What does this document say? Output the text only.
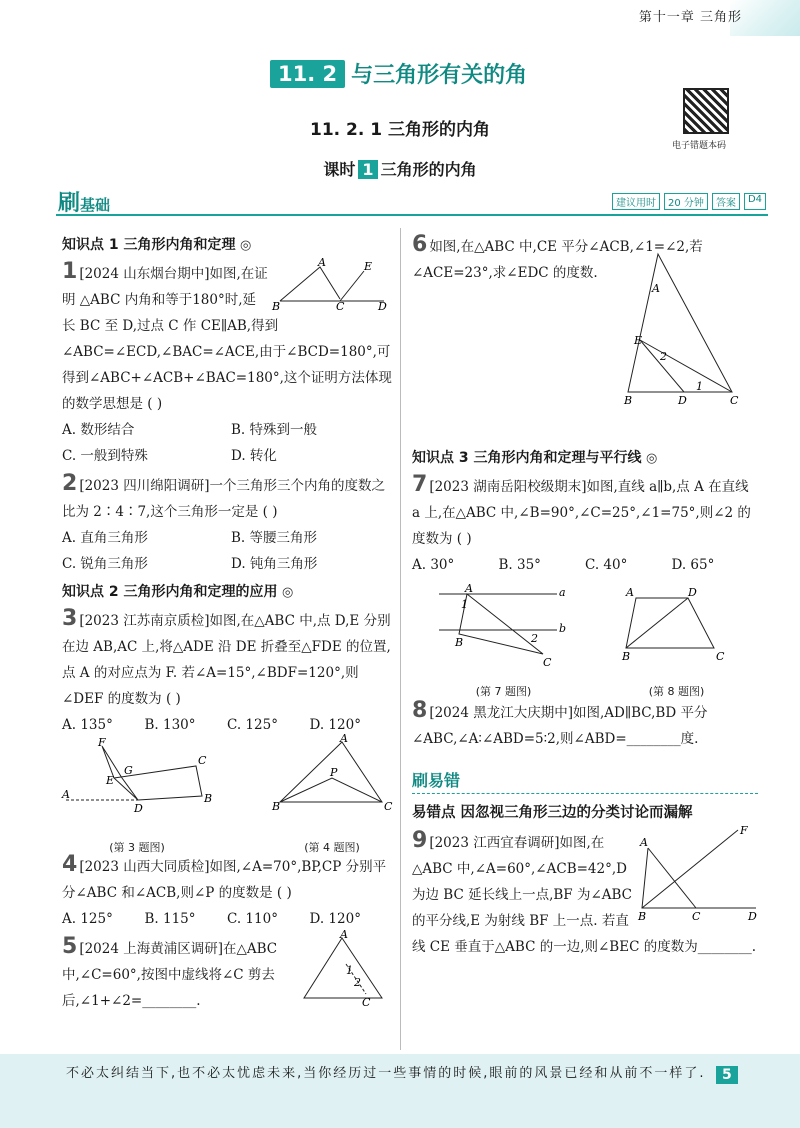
第十一章 三角形
11. 2 与三角形有关的角
电子错题本码
11. 2. 1 三角形的内角
课时 1 三角形的内角
刷基础	建议用时	20 分钟	答案	D4
知识点 1 三角形内角和定理 ◎
A
B	C	D
E
1 [2024 山东烟台期中]如图,在证明 △ABC 内角和等于180°时,延长 BC 至 D,过点 C 作 CE∥AB,得到∠ABC=∠ECD,∠BAC=∠ACE,由于∠BCD=180°,可得到∠ABC+∠ACB+∠BAC=180°,这个证明方法体现的数学思想是 ( )
A. 数形结合	B. 特殊到一般
C. 一般到特殊	D. 转化
2 [2023 四川绵阳调研]一个三角形三个内角的度数之比为 2∶4∶7,这个三角形一定是 ( )
A. 直角三角形	B. 等腰三角形
C. 锐角三角形	D. 钝角三角形
知识点 2 三角形内角和定理的应用 ◎
3 [2023 江苏南京质检]如图,在△ABC 中,点 D,E 分别在边 AB,AC 上,将△ADE 沿 DE 折叠至△FDE 的位置,点 A 的对应点为 F. 若∠A=15°,∠BDF=120°,则∠DEF 的度数为 ( )
A. 135°	B. 130°	C. 125°	D. 120°
F
A
E
G
D
C
B
(第 3 题图)
A
B	C
P
(第 4 题图)
4 [2023 山西大同质检]如图,∠A=70°,BP,CP 分别平分∠ABC 和∠ACB,则∠P 的度数是 ( )
A. 125°	B. 115°	C. 110°	D. 120°
A
1
2
C
5 [2024 上海黄浦区调研]在△ABC 中,∠C=60°,按图中虚线将∠C 剪去后,∠1+∠2=________.
6 如图,在△ABC 中,CE 平分∠ACB,∠1=∠2,若∠ACE=23°,求∠EDC 的度数.
A
E
2
1
B	D	C
知识点 3 三角形内角和定理与平行线 ◎
7 [2023 湖南岳阳校级期末]如图,直线 a∥b,点 A 在直线 a 上,在△ABC 中,∠B=90°,∠C=25°,∠1=75°,则∠2 的度数为 ( )
A. 30°	B. 35°	C. 40°	D. 65°
a
b
1
2
A
B
C
(第 7 题图)
A	D
B	C
(第 8 题图)
8 [2024 黑龙江大庆期中]如图,AD∥BC,BD 平分∠ABC,∠A∶∠ABD=5∶2,则∠ABD=________度.
刷易错
易错点 因忽视三角形三边的分类讨论而漏解
A
B	C	D
F
9 [2023 江西宜春调研]如图,在△ABC 中,∠A=60°,∠ACB=42°,D 为边 BC 延长线上一点,BF 为∠ABC 的平分线,E 为射线 BF 上一点. 若直线 CE 垂直于△ABC 的一边,则∠BEC 的度数为________.
不必太纠结当下,也不必太忧虑未来,当你经历过一些事情的时候,眼前的风景已经和从前不一样了.	5
